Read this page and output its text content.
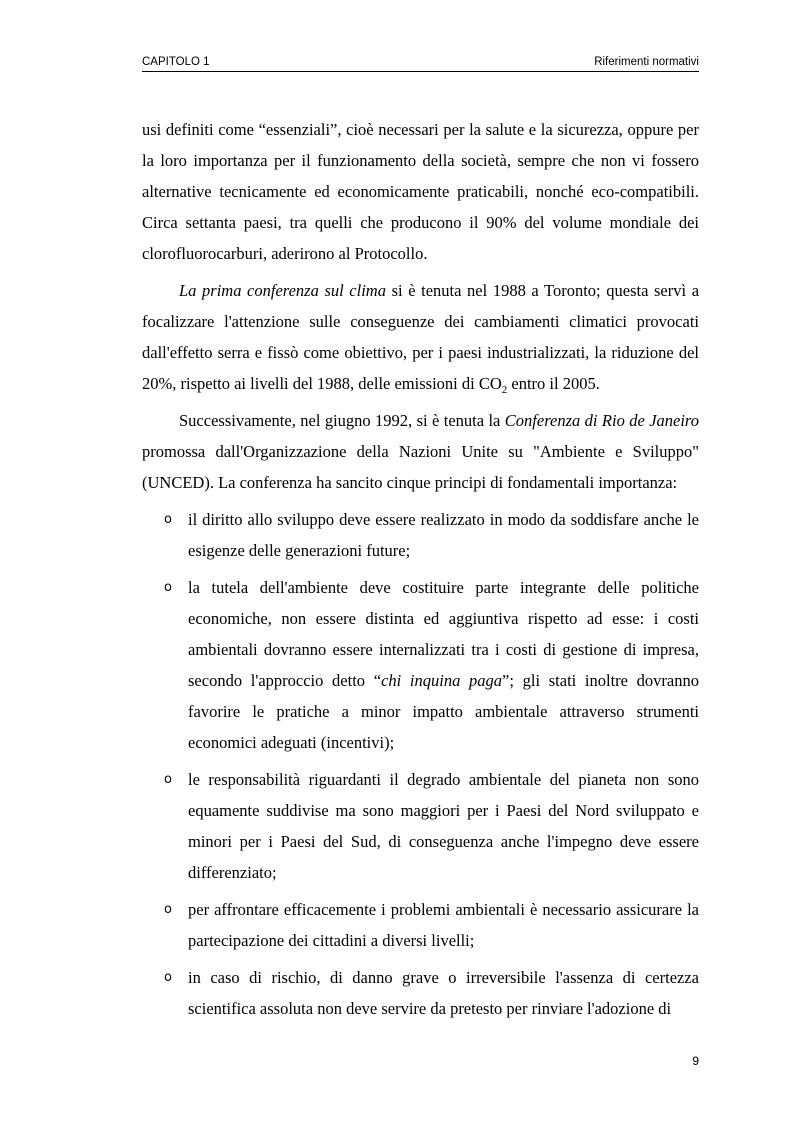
CAPITOLO 1	Riferimenti normativi

usi definiti come “essenziali”, cioè necessari per la salute e la sicurezza, oppure per la loro importanza per il funzionamento della società, sempre che non vi fossero alternative tecnicamente ed economicamente praticabili, nonché eco-compatibili. Circa settanta paesi, tra quelli che producono il 90% del volume mondiale dei clorofluorocarburi, aderirono al Protocollo.

La prima conferenza sul clima si è tenuta nel 1988 a Toronto; questa servì a focalizzare l'attenzione sulle conseguenze dei cambiamenti climatici provocati dall'effetto serra e fissò come obiettivo, per i paesi industrializzati, la riduzione del 20%, rispetto ai livelli del 1988, delle emissioni di $CO_2$ entro il 2005.

Successivamente, nel giugno 1992, si è tenuta la Conferenza di Rio de Janeiro promossa dall'Organizzazione della Nazioni Unite su "Ambiente e Sviluppo" (UNCED). La conferenza ha sancito cinque principi di fondamentali importanza:

o il diritto allo sviluppo deve essere realizzato in modo da soddisfare anche le esigenze delle generazioni future;
o la tutela dell'ambiente deve costituire parte integrante delle politiche economiche, non essere distinta ed aggiuntiva rispetto ad esse: i costi ambientali dovranno essere internalizzati tra i costi di gestione di impresa, secondo l'approccio detto “chi inquina paga”; gli stati inoltre dovranno favorire le pratiche a minor impatto ambientale attraverso strumenti economici adeguati (incentivi);
o le responsabilità riguardanti il degrado ambientale del pianeta non sono equamente suddivise ma sono maggiori per i Paesi del Nord sviluppato e minori per i Paesi del Sud, di conseguenza anche l'impegno deve essere differenziato;
o per affrontare efficacemente i problemi ambientali è necessario assicurare la partecipazione dei cittadini a diversi livelli;
o in caso di rischio, di danno grave o irreversibile l'assenza di certezza scientifica assoluta non deve servire da pretesto per rinviare l'adozione di
9
